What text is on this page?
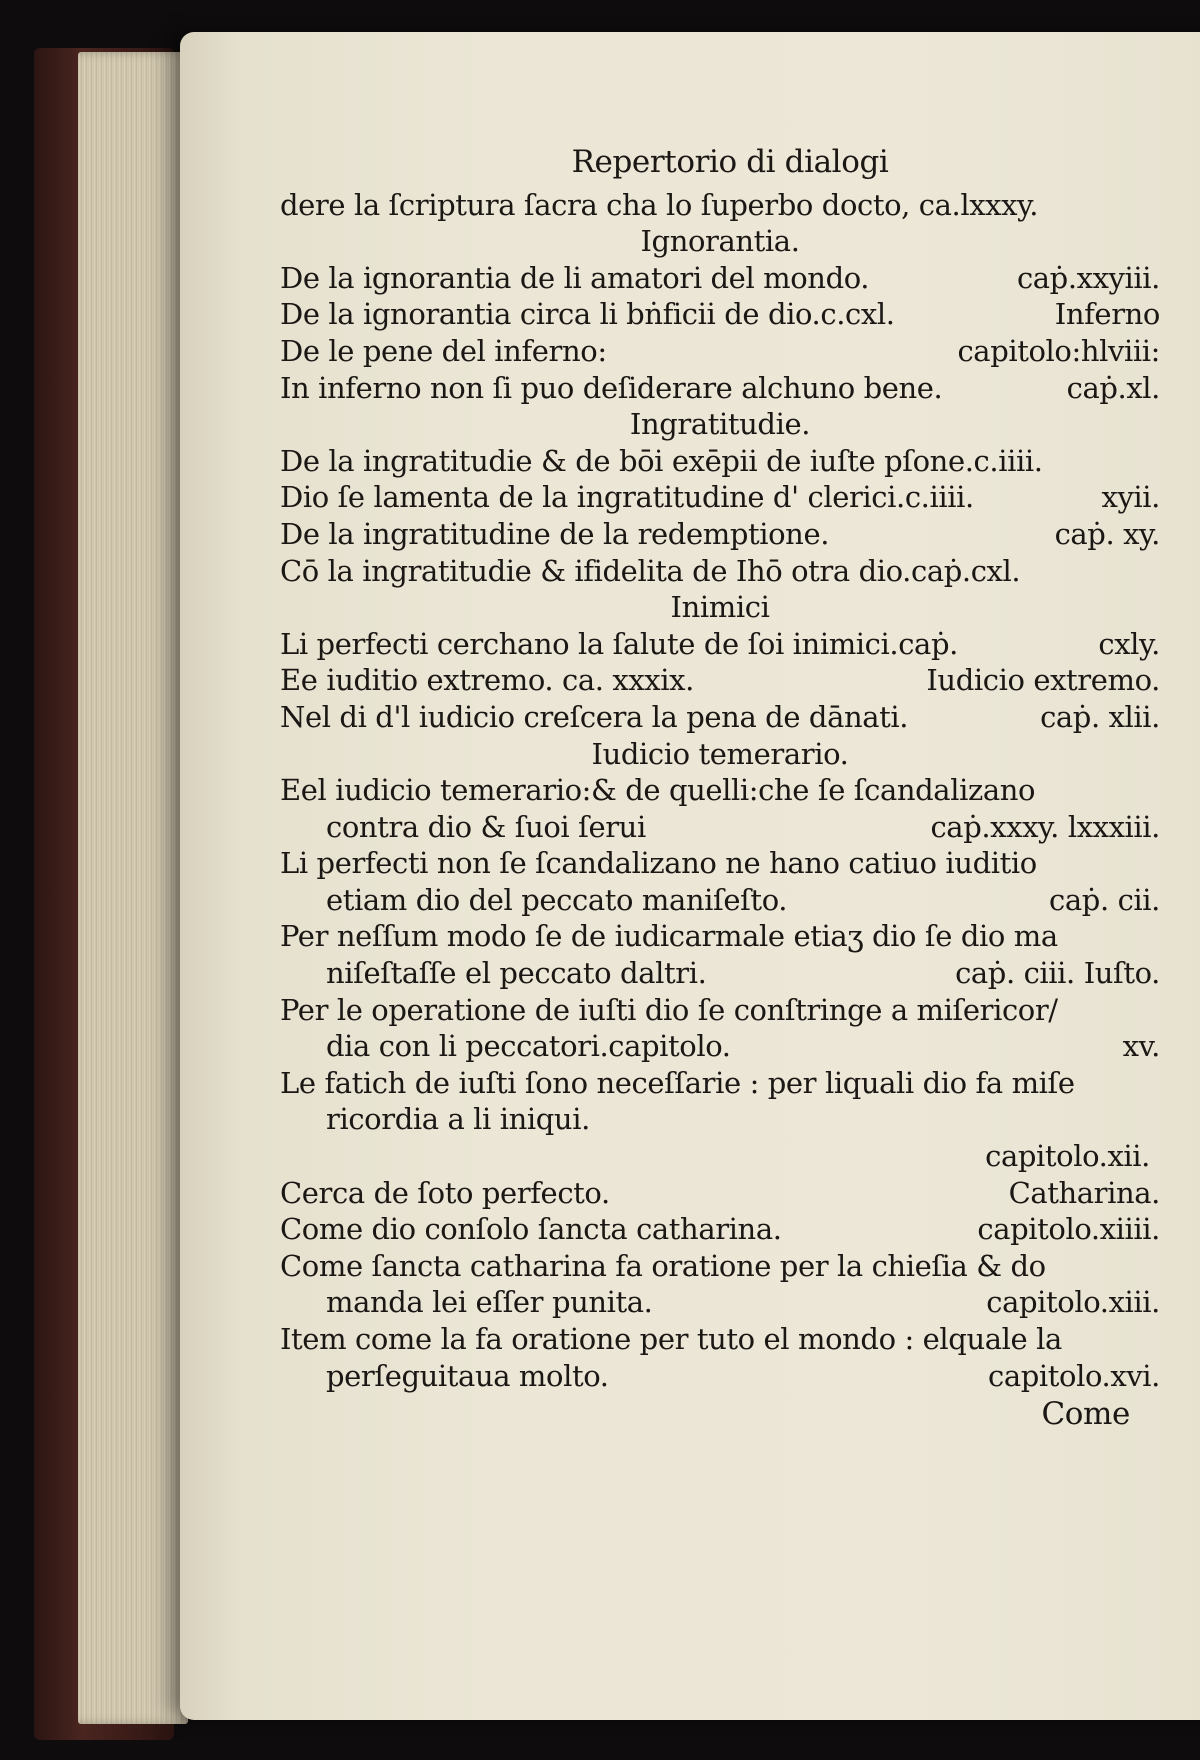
Repertorio di dialogi
dere la ſcriptura ſacra cha lo ſuperbo docto, ca.lxxxy.
Ignorantia.
De la ignorantia de li amatori del mondo.	caṗ.xxyiii.
De la ignorantia circa li bṅficii de dio.c.cxl.	Inferno
De le pene del inferno:	capitolo:hlviii:
In inferno non ſi puo deſiderare alchuno bene.	caṗ.xl.
Ingratitudie.
De la ingratitudie & de bōi exēpii de iuſte pſone.c.iiii.
Dio ſe lamenta de la ingratitudine d' clerici.c.iiii.	xyii.
De la ingratitudine de la redemptione.	caṗ. xy.
Cō la ingratitudie & ifidelita de Ihō otra dio.caṗ.cxl.
Inimici
Li perfecti cerchano la ſalute de ſoi inimici.caṗ.	cxly.
Ee iuditio extremo. ca. xxxix.	Iudicio extremo.
Nel di d'l iudicio creſcera la pena de dānati.	caṗ. xlii.
Iudicio temerario.
Eel iudicio temerario:& de quelli:che ſe ſcandalizano
contra dio & ſuoi ſerui	caṗ.xxxy. lxxxiii.
Li perfecti non ſe ſcandalizano ne hano catiuo iuditio
etiam dio del peccato maniſeſto.	caṗ. cii.
Per neſſum modo ſe de iudicarmale etiaʒ dio ſe dio ma
niſeſtaſſe el peccato daltri.	caṗ. ciii. Iuſto.
Per le operatione de iuſti dio ſe conſtringe a miſericor/
dia con li peccatori.capitolo.	xv.
Le fatich de iuſti ſono neceſſarie : per liquali dio fa miſe
ricordia a li iniqui.
capitolo.xii.
Cerca de ſoto perfecto.	Catharina.
Come dio conſolo ſancta catharina.	capitolo.xiiii.
Come ſancta catharina fa oratione per la chieſia & do
manda lei eſſer punita.	capitolo.xiii.
Item come la fa oratione per tuto el mondo : elquale la
perſeguitaua molto.	capitolo.xvi.
Come
